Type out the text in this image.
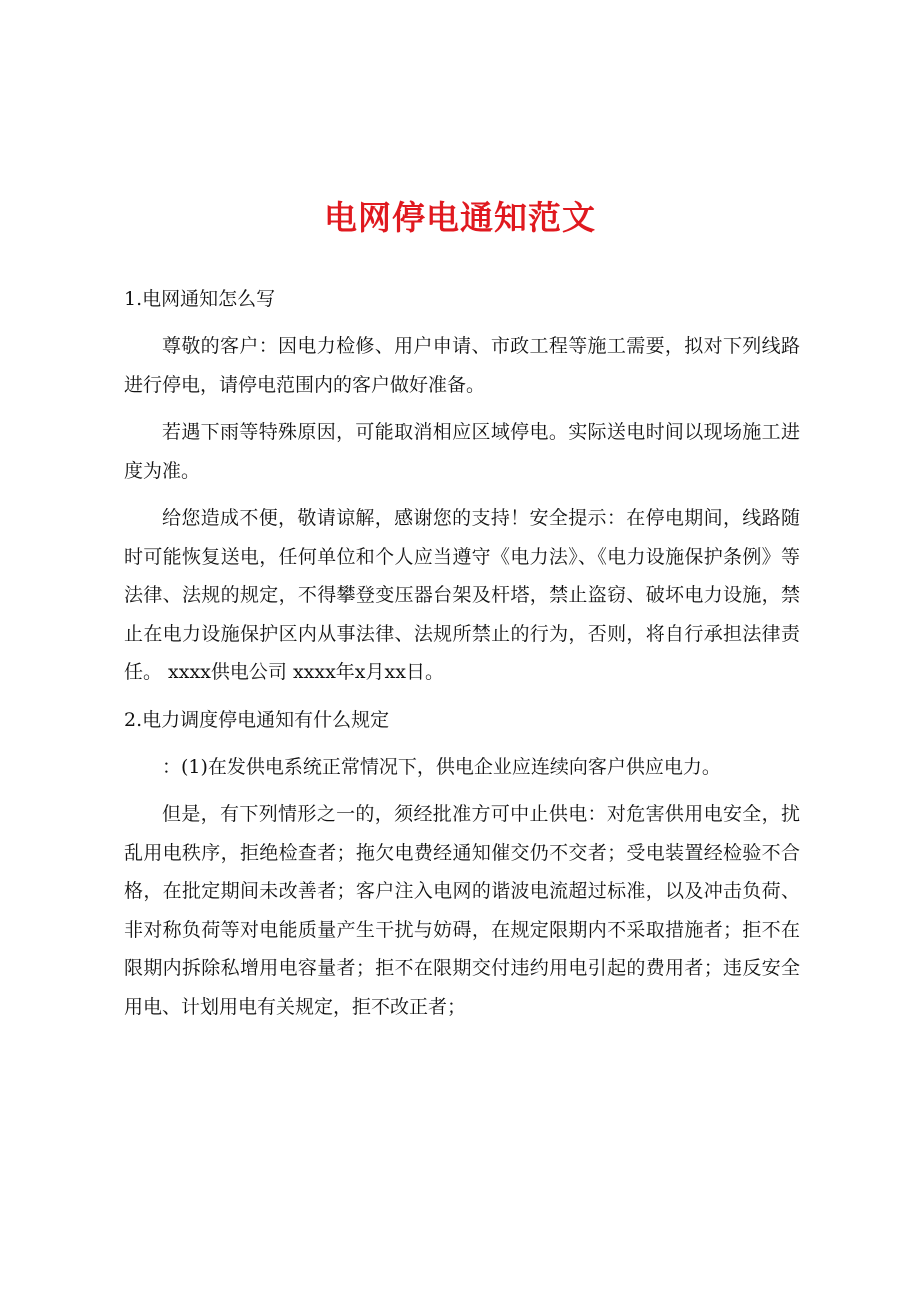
电网停电通知范文

1.电网通知怎么写

尊敬的客户：因电力检修、用户申请、市政工程等施工需要，拟对下列线路进行停电，请停电范围内的客户做好准备。

若遇下雨等特殊原因，可能取消相应区域停电。实际送电时间以现场施工进度为准。

给您造成不便，敬请谅解，感谢您的支持！安全提示：在停电期间，线路随时可能恢复送电，任何单位和个人应当遵守《电力法》、《电力设施保护条例》等法律、法规的规定，不得攀登变压器台架及杆塔，禁止盗窃、破坏电力设施，禁止在电力设施保护区内从事法律、法规所禁止的行为，否则，将自行承担法律责任。 xxxx供电公司 xxxx年x月xx日。

2.电力调度停电通知有什么规定

：(1)在发供电系统正常情况下，供电企业应连续向客户供应电力。

但是，有下列情形之一的，须经批准方可中止供电：对危害供用电安全，扰乱用电秩序，拒绝检查者；拖欠电费经通知催交仍不交者；受电装置经检验不合格，在批定期间未改善者；客户注入电网的谐波电流超过标准，以及冲击负荷、非对称负荷等对电能质量产生干扰与妨碍，在规定限期内不采取措施者；拒不在限期内拆除私增用电容量者；拒不在限期交付违约用电引起的费用者；违反安全用电、计划用电有关规定，拒不改正者；
